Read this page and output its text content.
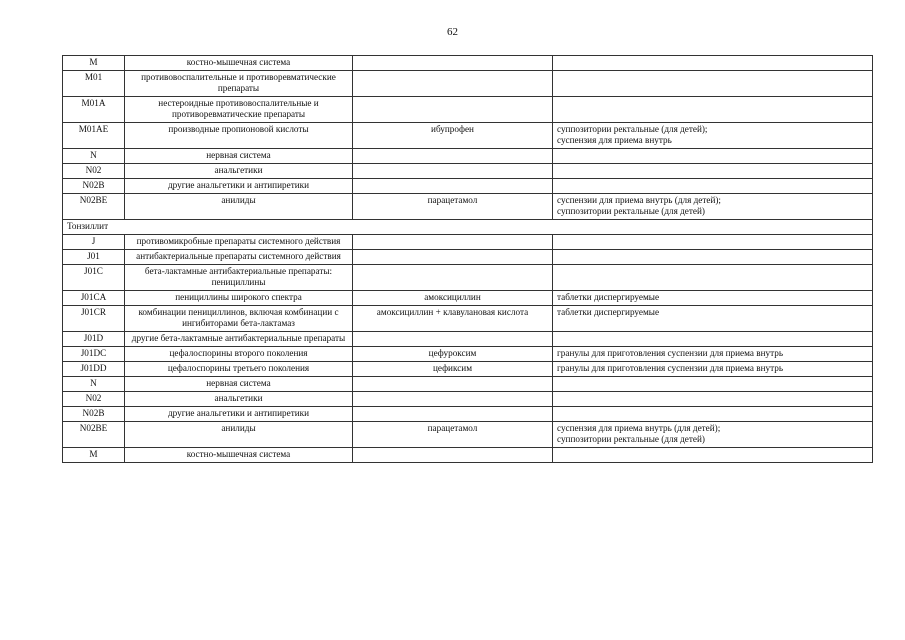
62
M	костно-мышечная система		
M01	противовоспалительные и противоревматические препараты		
M01A	нестероидные противовоспалительные и противоревматические препараты		
M01AE	производные пропионовой кислоты	ибупрофен	суппозитории ректальные (для детей);
суспензия для приема внутрь
N	нервная система		
N02	анальгетики		
N02B	другие анальгетики и антипиретики		
N02BE	анилиды	парацетамол	суспензии для приема внутрь (для детей);
суппозитории ректальные (для детей)
Тонзиллит			
J	противомикробные препараты системного действия		
J01	антибактериальные препараты системного действия		
J01C	бета-лактамные антибактериальные препараты: пенициллины		
J01CA	пенициллины широкого спектра	амоксициллин	таблетки диспергируемые
J01CR	комбинации пенициллинов, включая комбинации с ингибиторами бета-лактамаз	амоксициллин + клавулановая кислота	таблетки диспергируемые
J01D	другие бета-лактамные антибактериальные препараты		
J01DC	цефалоспорины второго поколения	цефуроксим	гранулы для приготовления суспензии для приема внутрь
J01DD	цефалоспорины третьего поколения	цефиксим	гранулы для приготовления суспензии для приема внутрь
N	нервная система		
N02	анальгетики		
N02B	другие анальгетики и антипиретики		
N02BE	анилиды	парацетамол	суспензия для приема внутрь (для детей);
суппозитории ректальные (для детей)
M	костно-мышечная система		
